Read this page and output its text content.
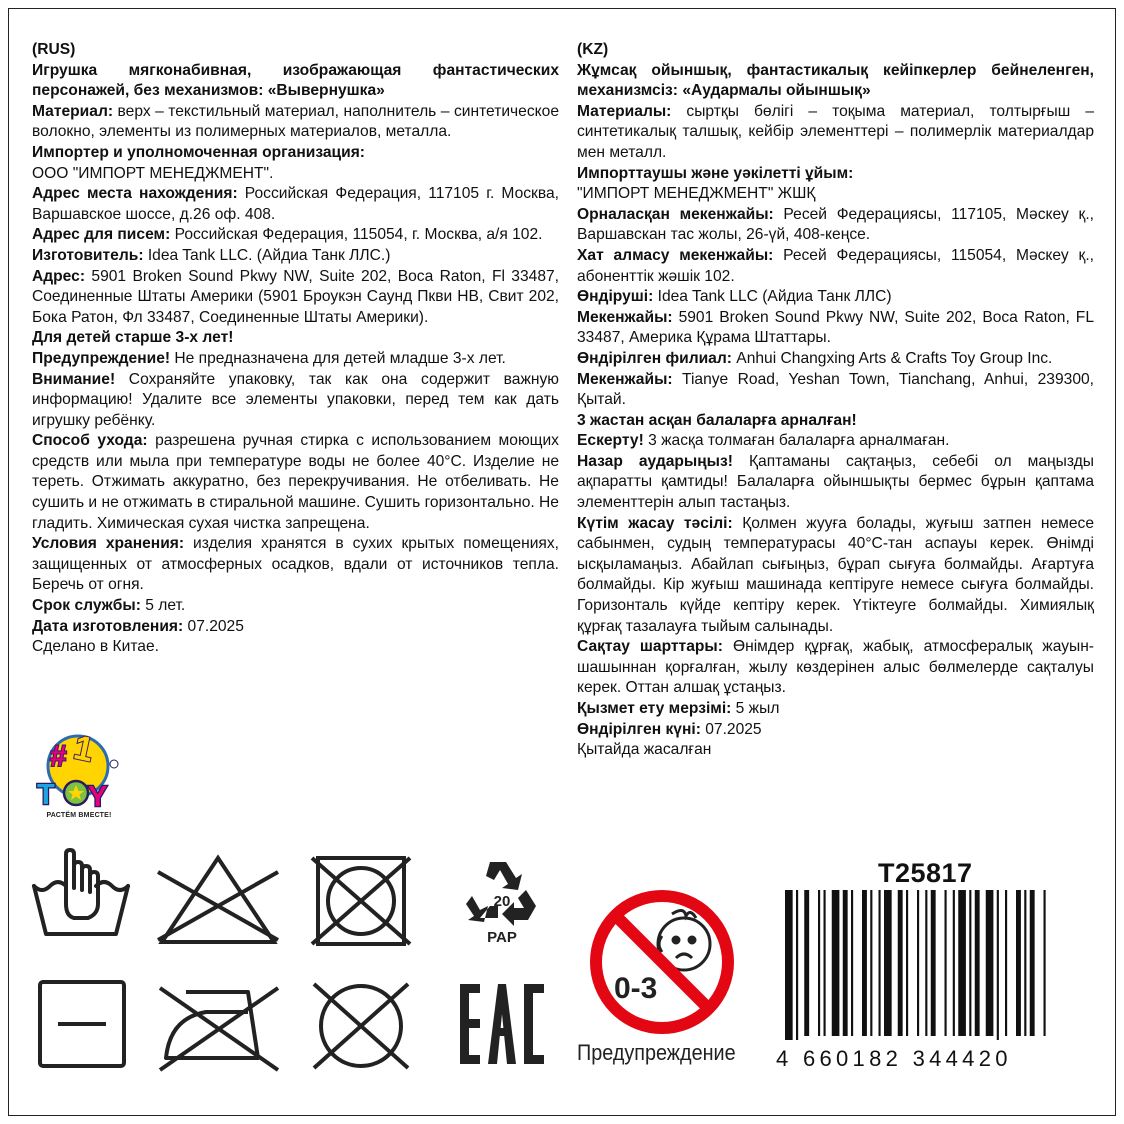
(RUS)

Игрушка мягконабивная, изображающая фантастических персонажей, без механизмов: «Вывернушка»

Материал: верх – текстильный материал, наполнитель – синтетическое волокно, элементы из полимерных материалов, металла.

Импортер и уполномоченная организация:

ООО "ИМПОРТ МЕНЕДЖМЕНТ".

Адрес места нахождения: Российская Федерация, 117105 г. Москва, Варшавское шоссе, д.26 оф. 408.

Адрес для писем: Российская Федерация, 115054, г. Москва, а/я 102.

Изготовитель: Idea Tank LLC. (Айдиа Танк ЛЛС.)

Адрес: 5901 Broken Sound Pkwy NW, Suite 202, Boca Raton, Fl 33487, Соединенные Штаты Америки (5901 Броукэн Саунд Пкви НВ, Свит 202, Бока Ратон, Фл 33487, Соединенные Штаты Америки).

Для детей старше 3-х лет!

Предупреждение! Не предназначена для детей младше 3-х лет.

Внимание! Сохраняйте упаковку, так как она содержит важную информацию! Удалите все элементы упаковки, перед тем как дать игрушку ребёнку.

Способ ухода: разрешена ручная стирка с использованием моющих средств или мыла при температуре воды не более 40°С. Изделие не тереть. Отжимать аккуратно, без перекручивания. Не отбеливать. Не сушить и не отжимать в стиральной машине. Сушить горизонтально. Не гладить. Химическая сухая чистка запрещена.

Условия хранения: изделия хранятся в сухих крытых помещениях, защищенных от атмосферных осадков, вдали от источников тепла. Беречь от огня.

Срок службы: 5 лет.

Дата изготовления: 07.2025

Сделано в Китае.

(KZ)

Жұмсақ ойыншық, фантастикалық кейіпкерлер бейнеленген, механизмсіз: «Аудармалы ойыншық»

Материалы: сыртқы бөлігі – тоқыма материал, толтырғыш – синтетикалық талшық, кейбір элементтері – полимерлік материалдар мен металл.

Импорттаушы және уәкілетті ұйым:

"ИМПОРТ МЕНЕДЖМЕНТ" ЖШҚ

Орналасқан мекенжайы: Ресей Федерациясы, 117105, Мәскеу қ., Варшавскан тас жолы, 26-үй, 408-кеңсе.

Хат алмасу мекенжайы: Ресей Федерациясы, 115054, Мәскеу қ., абоненттік жәшік 102.

Өндіруші: Idea Tank LLC (Айдиа Танк ЛЛС)

Мекенжайы: 5901 Broken Sound Pkwy NW, Suite 202, Boca Raton, FL 33487, Америка Құрама Штаттары.

Өндірілген филиал: Anhui Changxing Arts & Crafts Toy Group Inc.

Мекенжайы: Tianye Road, Yeshan Town, Tianchang, Anhui, 239300, Қытай.

3 жастан асқан балаларға арналған!

Ескерту! 3 жасқа толмаған балаларға арналмаған.

Назар аударыңыз! Қаптаманы сақтаңыз, себебі ол маңызды ақпаратты қамтиды! Балаларға ойыншықты бермес бұрын қаптама элементтерін алып тастаңыз.

Күтім жасау тәсілі: Қолмен жууға болады, жуғыш затпен немесе сабынмен, судың температурасы 40°С-тан аспауы керек. Өнімді ысқыламаңыз. Абайлап сығыңыз, бұрап сығуға болмайды. Ағартуға болмайды. Кір жуғыш машинада кептіруге немесе сығуға болмайды. Горизонталь күйде кептіру керек. Үтіктеуге болмайды. Химиялық құрғақ тазалауға тыйым салынады.

Сақтау шарттары: Өнімдер құрғақ, жабық, атмосфералық жауын-шашыннан қорғалған, жылу көздерінен алыс бөлмелерде сақталуы керек. Оттан алшақ ұстаңыз.

Қызмет ету мерзімі: 5 жыл

Өндірілген күні: 07.2025

Қытайда жасалған

# 1
T Y
РАСТЁМ ВМЕСТЕ!
20
PAP
EAC	0-3
Предупреждение
T25817
4 660182 344420
